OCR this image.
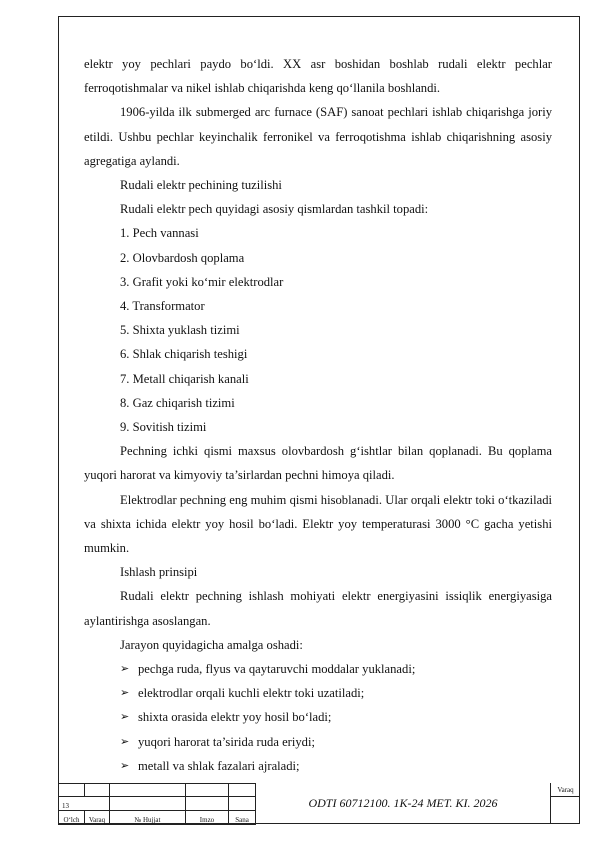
elektr yoy pechlari paydo bo‘ldi. XX asr boshidan boshlab rudali elektr pechlar ferroqotishmalar va nikel ishlab chiqarishda keng qo‘llanila boshlandi.

1906-yilda ilk submerged arc furnace (SAF) sanoat pechlari ishlab chiqarishga joriy etildi. Ushbu pechlar keyinchalik ferronikel va ferroqotishma ishlab chiqarishning asosiy agregatiga aylandi.

Rudali elektr pechining tuzilishi

Rudali elektr pech quyidagi asosiy qismlardan tashkil topadi:

1. Pech vannasi

2. Olovbardosh qoplama

3. Grafit yoki ko‘mir elektrodlar

4. Transformator

5. Shixta yuklash tizimi

6. Shlak chiqarish teshigi

7. Metall chiqarish kanali

8. Gaz chiqarish tizimi

9. Sovitish tizimi

Pechning ichki qismi maxsus olovbardosh g‘ishtlar bilan qoplanadi. Bu qoplama yuqori harorat va kimyoviy ta’sirlardan pechni himoya qiladi.

Elektrodlar pechning eng muhim qismi hisoblanadi. Ular orqali elektr toki o‘tkaziladi va shixta ichida elektr yoy hosil bo‘ladi. Elektr yoy temperaturasi 3000 °C gacha yetishi mumkin.

Ishlash prinsipi

Rudali elektr pechning ishlash mohiyati elektr energiyasini issiqlik energiyasiga aylantirishga asoslangan.

Jarayon quyidagicha amalga oshadi:

➢ pechga ruda, flyus va qaytaruvchi moddalar yuklanadi;

➢ elektrodlar orqali kuchli elektr toki uzatiladi;

➢ shixta orasida elektr yoy hosil bo‘ladi;

➢ yuqori harorat ta’sirida ruda eriydi;

➢ metall va shlak fazalari ajraladi;

13				
O‘lch	Varaq	№ Hujjat	Imzo	Sana
ODTI 60712100. 1K-24 MET. KI. 2026
Varaq
